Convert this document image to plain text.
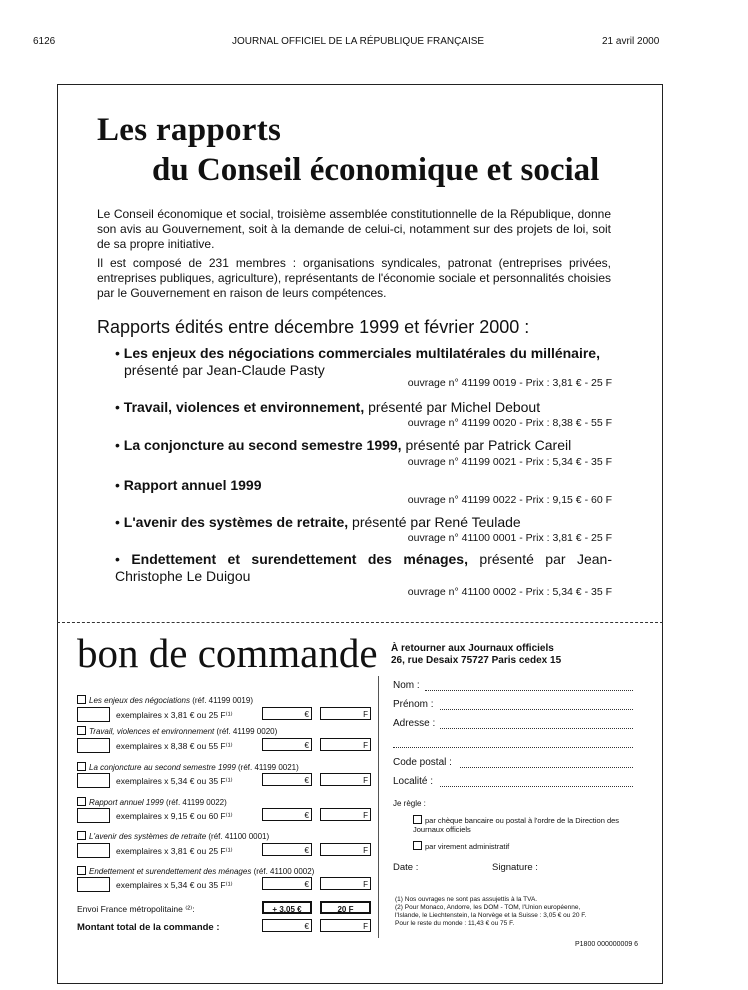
6126	JOURNAL OFFICIEL DE LA RÉPUBLIQUE FRANÇAISE	21 avril 2000
Les rapports
du Conseil économique et social
Le Conseil économique et social, troisième assemblée constitutionnelle de la République, donne son avis au Gouvernement, soit à la demande de celui-ci, notamment sur des projets de loi, soit de sa propre initiative.
Il est composé de 231 membres : organisations syndicales, patronat (entreprises privées, entreprises publiques, agriculture), représentants de l'économie sociale et personnalités choisies par le Gouvernement en raison de leurs compétences.
Rapports édités entre décembre 1999 et février 2000 :
• Les enjeux des négociations commerciales multilatérales du millénaire,
présenté par Jean-Claude Pasty
ouvrage n° 41199 0019 - Prix : 3,81 € - 25 F
• Travail, violences et environnement, présenté par Michel Debout
ouvrage n° 41199 0020 - Prix : 8,38 € - 55 F
• La conjoncture au second semestre 1999, présenté par Patrick Careil
ouvrage n° 41199 0021 - Prix : 5,34 € - 35 F
• Rapport annuel 1999
ouvrage n° 41199 0022 - Prix : 9,15 € - 60 F
• L'avenir des systèmes de retraite, présenté par René Teulade
ouvrage n° 41100 0001 - Prix : 3,81 € - 25 F
• Endettement et surendettement des ménages, présenté par Jean-Christophe Le Duigou
ouvrage n° 41100 0002 - Prix : 5,34 € - 35 F
bon de commande À retourner aux Journaux officiels
26, rue Desaix 75727 Paris cedex 15
Les enjeux des négociations (réf. 41199 0019)
exemplaires x 3,81 € ou 25 F⁽¹⁾	€	F
Travail, violences et environnement (réf. 41199 0020)
exemplaires x 8,38 € ou 55 F⁽¹⁾	€	F
La conjoncture au second semestre 1999 (réf. 41199 0021)
exemplaires x 5,34 € ou 35 F⁽¹⁾	€	F
Rapport annuel 1999 (réf. 41199 0022)
exemplaires x 9,15 € ou 60 F⁽¹⁾	€	F
L'avenir des systèmes de retraite (réf. 41100 0001)
exemplaires x 3,81 € ou 25 F⁽¹⁾	€	F
Endettement et surendettement des ménages (réf. 41100 0002)
exemplaires x 5,34 € ou 35 F⁽¹⁾	€	F
Envoi France métropolitaine ⁽²⁾:	+ 3,05 €	20 F
Montant total de la commande :	€	F
Nom :
Prénom :
Adresse :
Code postal :
Localité :
Je règle :
par chèque bancaire ou postal à l'ordre de la Direction des Journaux officiels
par virement administratif
Date :	Signature :
(1) Nos ouvrages ne sont pas assujettis à la TVA.
(2) Pour Monaco, Andorre, les DOM - TOM, l'Union européenne,
l'Islande, le Liechtenstein, la Norvège et la Suisse : 3,05 € ou 20 F.
Pour le reste du monde : 11,43 € ou 75 F.
P1800 000000009 6
